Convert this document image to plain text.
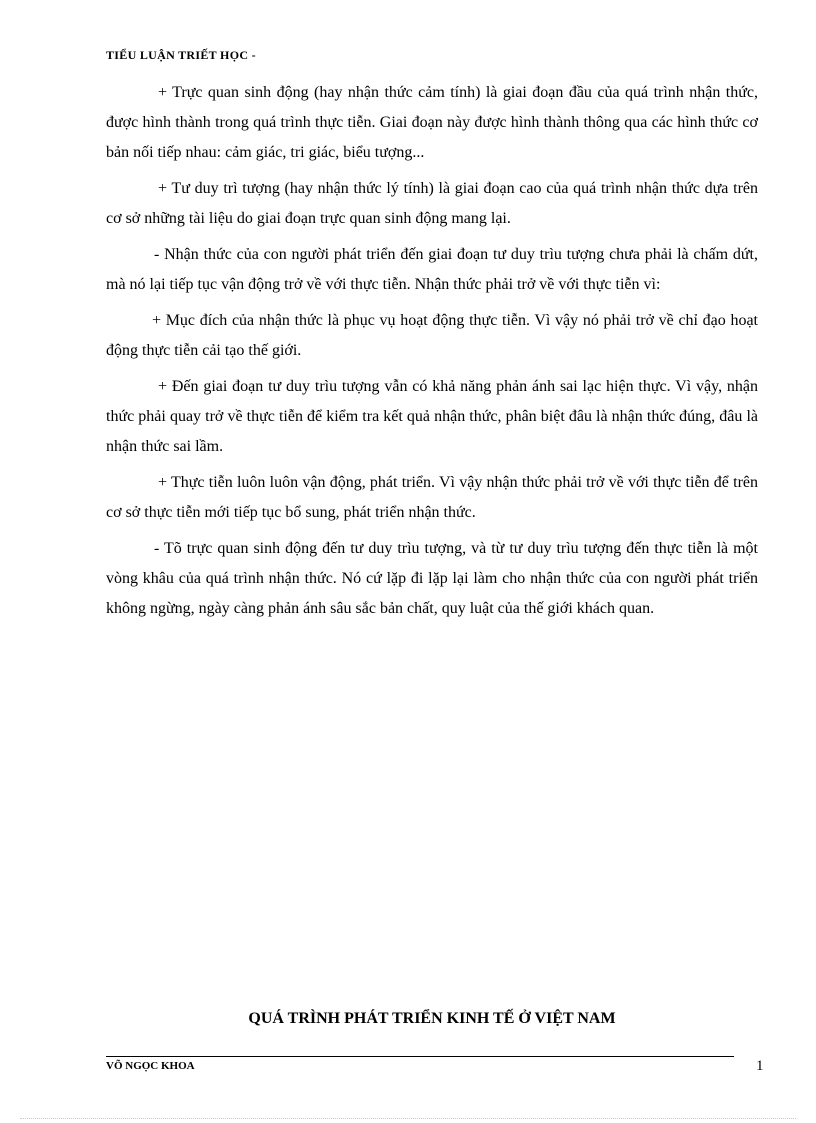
TIỂU LUẬN TRIẾT HỌC -

+ Trực quan sinh động (hay nhận thức cảm tính) là giai đoạn đầu của quá trình nhận thức, được hình thành trong quá trình thực tiễn. Giai đoạn này được hình thành thông qua các hình thức cơ bản nối tiếp nhau: cảm giác, tri giác, biểu tượng...

+ Tư duy trì tượng (hay nhận thức lý tính) là giai đoạn cao của quá trình nhận thức dựa trên cơ sở những tài liệu do giai đoạn trực quan sinh động mang lại.

- Nhận thức của con người phát triển đến giai đoạn tư duy trìu tượng chưa phải là chấm dứt, mà nó lại tiếp tục vận động trở về với thực tiễn. Nhận thức phải trở về với thực tiễn vì:

+ Mục đích của nhận thức là phục vụ hoạt động thực tiễn. Vì vậy nó phải trở về chỉ đạo hoạt động thực tiễn cải tạo thế giới.

+ Đến giai đoạn tư duy trìu tượng vẫn có khả năng phản ánh sai lạc hiện thực. Vì vậy, nhận thức phải quay trở về thực tiễn để kiểm tra kết quả nhận thức, phân biệt đâu là nhận thức đúng, đâu là nhận thức sai lầm.

+ Thực tiễn luôn luôn vận động, phát triển. Vì vậy nhận thức phải trở về với thực tiễn để trên cơ sở thực tiễn mới tiếp tục bổ sung, phát triển nhận thức.

- Tõ trực quan sinh động đến tư duy trìu tượng, và từ tư duy trìu tượng đến thực tiễn là một vòng khâu của quá trình nhận thức. Nó cứ lặp đi lặp lại làm cho nhận thức của con người phát triển không ngừng, ngày càng phản ánh sâu sắc bản chất, quy luật của thế giới khách quan.

QUÁ TRÌNH PHÁT TRIỂN KINH TẾ Ở VIỆT NAM
VÕ NGỌC KHOA	1
